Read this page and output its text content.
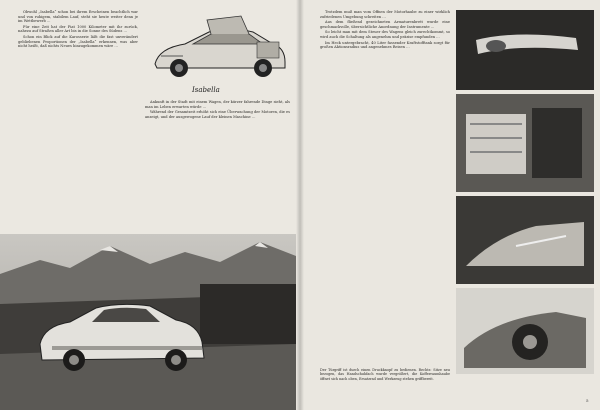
Obwohl „Isabella“ schon bei ihrem Erscheinen beachtlich war und von ruhigem, stabilem Lauf, steht sie heute weiter denn je im Wettbewerb …

Für eine Zeit hat der Fiat 1000 Kilometer mit ihr zurück, nahezu auf Straßen aller Art bis in die Sonne des Südens …

Schon ein Blick auf die Karosserie läßt die fast unverändert gebliebenen Proportionen der „Isabella“ erkennen, was aber nicht heißt, daß nichts Neues hinzugekommen wäre …

Isabella

Ankunft in der Stadt mit einem Wagen, der kürzer fahrende Dinge sieht, als man im Leben erwarten würde …

Während der Gesamtzeit erhöht sich eine Überwachung der Motoren, die es anzeigt, und der ausgewogene Lauf der kleinen Maschine …

Trotzdem muß man vom Öffnen der Motorhaube zu einer wirklich zufriedenen Umgebung schreiten …

Aus dem fließend gezeichneten Armaturenbrett wurde eine geschmackvolle, übersichtliche Anordnung der Instrumente …

So leicht man mit dem Steuer des Wagens gleich zurechtkommt, so wird auch die Schaltung als angenehm und präzise empfunden …

Im Heck untergebracht, 40 Liter fassender Kraftstofftank sorgt für großen Aktionsradius und angenehmes Reisen …

Der Türgriff ist durch einen Druckknopf zu bedienen. Rechts: Sitze neu bezogen, das Handschuhfach wurde vergrößert, die Kofferraumhaube öffnet sich nach oben, Ersatzrad und Werkzeug stehen griffbereit.
5
